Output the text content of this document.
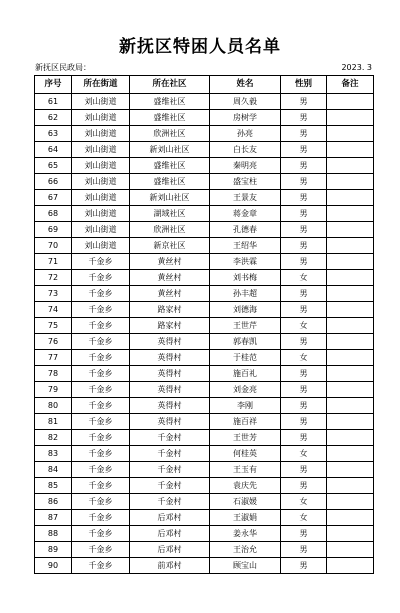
新抚区特困人员名单
新抚区民政局：	2023. 3
序号	所在街道	所在社区	姓名	性别	备注
61	刘山街道	盛维社区	周久毅	男	
62	刘山街道	盛维社区	房树学	男	
63	刘山街道	欣洲社区	孙亮	男	
64	刘山街道	新刘山社区	白长友	男	
65	刘山街道	盛维社区	秦明亮	男	
66	刘山街道	盛维社区	盛宝柱	男	
67	刘山街道	新刘山社区	王景友	男	
68	刘山街道	湖域社区	蒋金章	男	
69	刘山街道	欣洲社区	孔德春	男	
70	刘山街道	新京社区	王绍华	男	
71	千金乡	黄丝村	李洪霖	男	
72	千金乡	黄丝村	刘书梅	女	
73	千金乡	黄丝村	孙丰超	男	
74	千金乡	路家村	刘德海	男	
75	千金乡	路家村	王世芹	女	
76	千金乡	英得村	郭春凯	男	
77	千金乡	英得村	于桂范	女	
78	千金乡	英得村	施百礼	男	
79	千金乡	英得村	刘金亮	男	
80	千金乡	英得村	李刚	男	
81	千金乡	英得村	施百祥	男	
82	千金乡	千金村	王世芳	男	
83	千金乡	千金村	何桂英	女	
84	千金乡	千金村	王玉有	男	
85	千金乡	千金村	袁庆先	男	
86	千金乡	千金村	石淑媛	女	
87	千金乡	后邓村	王淑娟	女	
88	千金乡	后邓村	姜永华	男	
89	千金乡	后邓村	王治允	男	
90	千金乡	前邓村	顾宝山	男	
